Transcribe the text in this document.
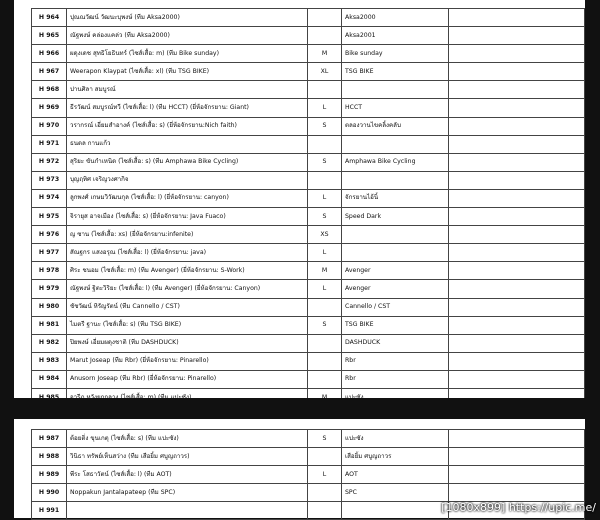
H 964	ปุณณวัฒน์ วัฒนะบุพงษ์ (ทีม Aksa2000)		Aksa2000	
H 965	ณัฐพงษ์ คล่องแคล่ว (ทีม Aksa2000)		Aksa2001	
H 966	ผดุงเดช สุทธิโยธินทร์ (ไซส์เสื้อ: m) (ทีม Bike sunday)	M	Bike sunday	
H 967	Weerapon Klaypat (ไซส์เสื้อ: xl) (ทีม TSG BIKE)	XL	TSG BIKE	
H 968	ปานศิลา สมบูรณ์			
H 969	ธีรวัฒน์ สมบูรณ์ทวี (ไซส์เสื้อ: l) (ทีม HCCT) (ยี่ห้อจักรยาน: Giant)	L	HCCT	
H 970	วรากรณ์ เอี่ยมสำอางค์ (ไซส์เสื้อ: s) (ยี่ห้อจักรยาน:Nich faith)	S	ตลองวานไขคลิ้งคลับ	
H 971	ธนดล กานแก้ว			
H 972	สุริยะ ขันกำเหนิด (ไซส์เสื้อ: s) (ทีม Amphawa Bike Cycling)	S	Amphawa Bike Cycling	
H 973	บุญฤทิศ เจริญวงศากิจ			
H 974	ลูกพงศ์ เกษมวิวัฒนกุล (ไซส์เสื้อ: l) (ยี่ห้อจักรยาน: canyon)	L	จักรยานไอ้นิ้	
H 975	จิรายุส อาจเมือง (ไซส์เสื้อ: s) (ยี่ห้อจักรยาน: Java Fuaco)	S	Speed Dark	
H 976	ญ ซาน (ไซส์เสื้อ: xs) (ยี่ห้อจักรยาน:infenite)	XS		
H 977	สัณฐกร แสงอรุณ (ไซส์เสื้อ: l) (ยี่ห้อจักรยาน: java)	L		
H 978	ศิระ ชนอม (ไซส์เสื้อ: m) (ทีม Avenger) (ยี่ห้อจักรยาน: S-Work)	M	Avenger	
H 979	ณัฐพงษ์ ฐิตะวิริยะ (ไซส์เสื้อ: l) (ทีม Avenger) (ยี่ห้อจักรยาน: Canyon)	L	Avenger	
H 980	ชัชวัฒน์ หิรัญรัตน์ (ทีม Cannello / CST)		Cannello / CST	
H 981	ไมตรี ฐานะ (ไซส์เสื้อ: s) (ทีม TSG BIKE)	S	TSG BIKE	
H 982	ปิยพงษ์ เอี่ยมผดุงชาติ (ทีม DASHDUCK)		DASHDUCK	
H 983	Marut Joseap (ทีม Rbr) (ยี่ห้อจักรยาน: Pinarello)		Rbr	
H 984	Anusorn Joseap (ทีม Rbr) (ยี่ห้อจักรยาน: Pinarello)		Rbr	

H 987	ต้อยติ่ง ขุนเกตุ (ไซส์เสื้อ: s) (ทีม แปะซัง)	S	แปะซัง	
H 988	วินิธา ทรัพย์เห็นสว่าง (ทีม เสือยิ้ม ศบูญถาวร)		เสือยิ้ม ศบูญถาวร	
H 989	พีระ โสธาวัตน์ (ไซส์เสื้อ: l) (ทีม AOT)	L	AOT	
H 990	Noppakun Jantalapateep (ทีม SPC)		SPC	
H 991					[1080x899] https://upic.me/
